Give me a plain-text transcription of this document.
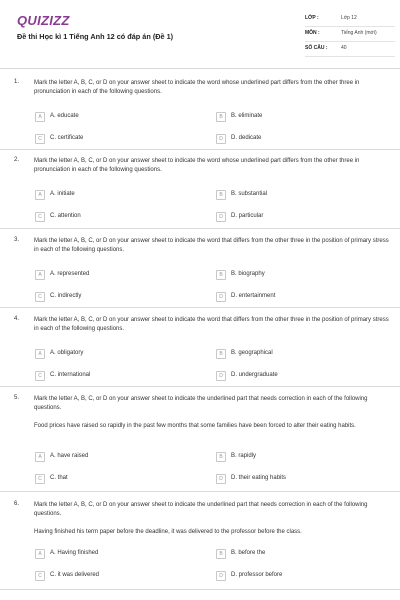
QUIZIZZ
Đề thi Học kì 1 Tiếng Anh 12 có đáp án (Đề 1)
LỚP :	Lớp 12
MÔN :	Tiếng Anh (mới)
SỐ CÂU :	40
1. Mark the letter A, B, C, or D on your answer sheet to indicate the word whose underlined part differs from the other three in pronunciation in each of the following questions.
A	A. educate	B	B. eliminate
C	C. certificate	D	D. dedicate
2. Mark the letter A, B, C, or D on your answer sheet to indicate the word whose underlined part differs from the other three in pronunciation in each of the following questions.
A	A. initiate	B	B. substantial
C	C. attention	D	D. particular
3. Mark the letter A, B, C, or D on your answer sheet to indicate the word that differs from the other three in the position of primary stress in each of the following questions.
A	A. represented	B	B. biography
C	C. indirectly	D	D. entertainment
4. Mark the letter A, B, C, or D on your answer sheet to indicate the word that differs from the other three in the position of primary stress in each of the following questions.
A	A. obligatory	B	B. geographical
C	C. international	D	D. undergraduate
5. Mark the letter A, B, C, or D on your answer sheet to indicate the underlined part that needs correction in each of the following questions.
Food prices have raised so rapidly in the past few months that some families have been forced to alter their eating habits.
A	A. have raised	B	B. rapidly
C	C. that	D	D. their eating habits
6. Mark the letter A, B, C, or D on your answer sheet to indicate the underlined part that needs correction in each of the following questions.
Having finished his term paper before the deadline, it was delivered to the professor before the class.
A	A. Having finished	B	B. before the
C	C. it was delivered	D	D. professor before
